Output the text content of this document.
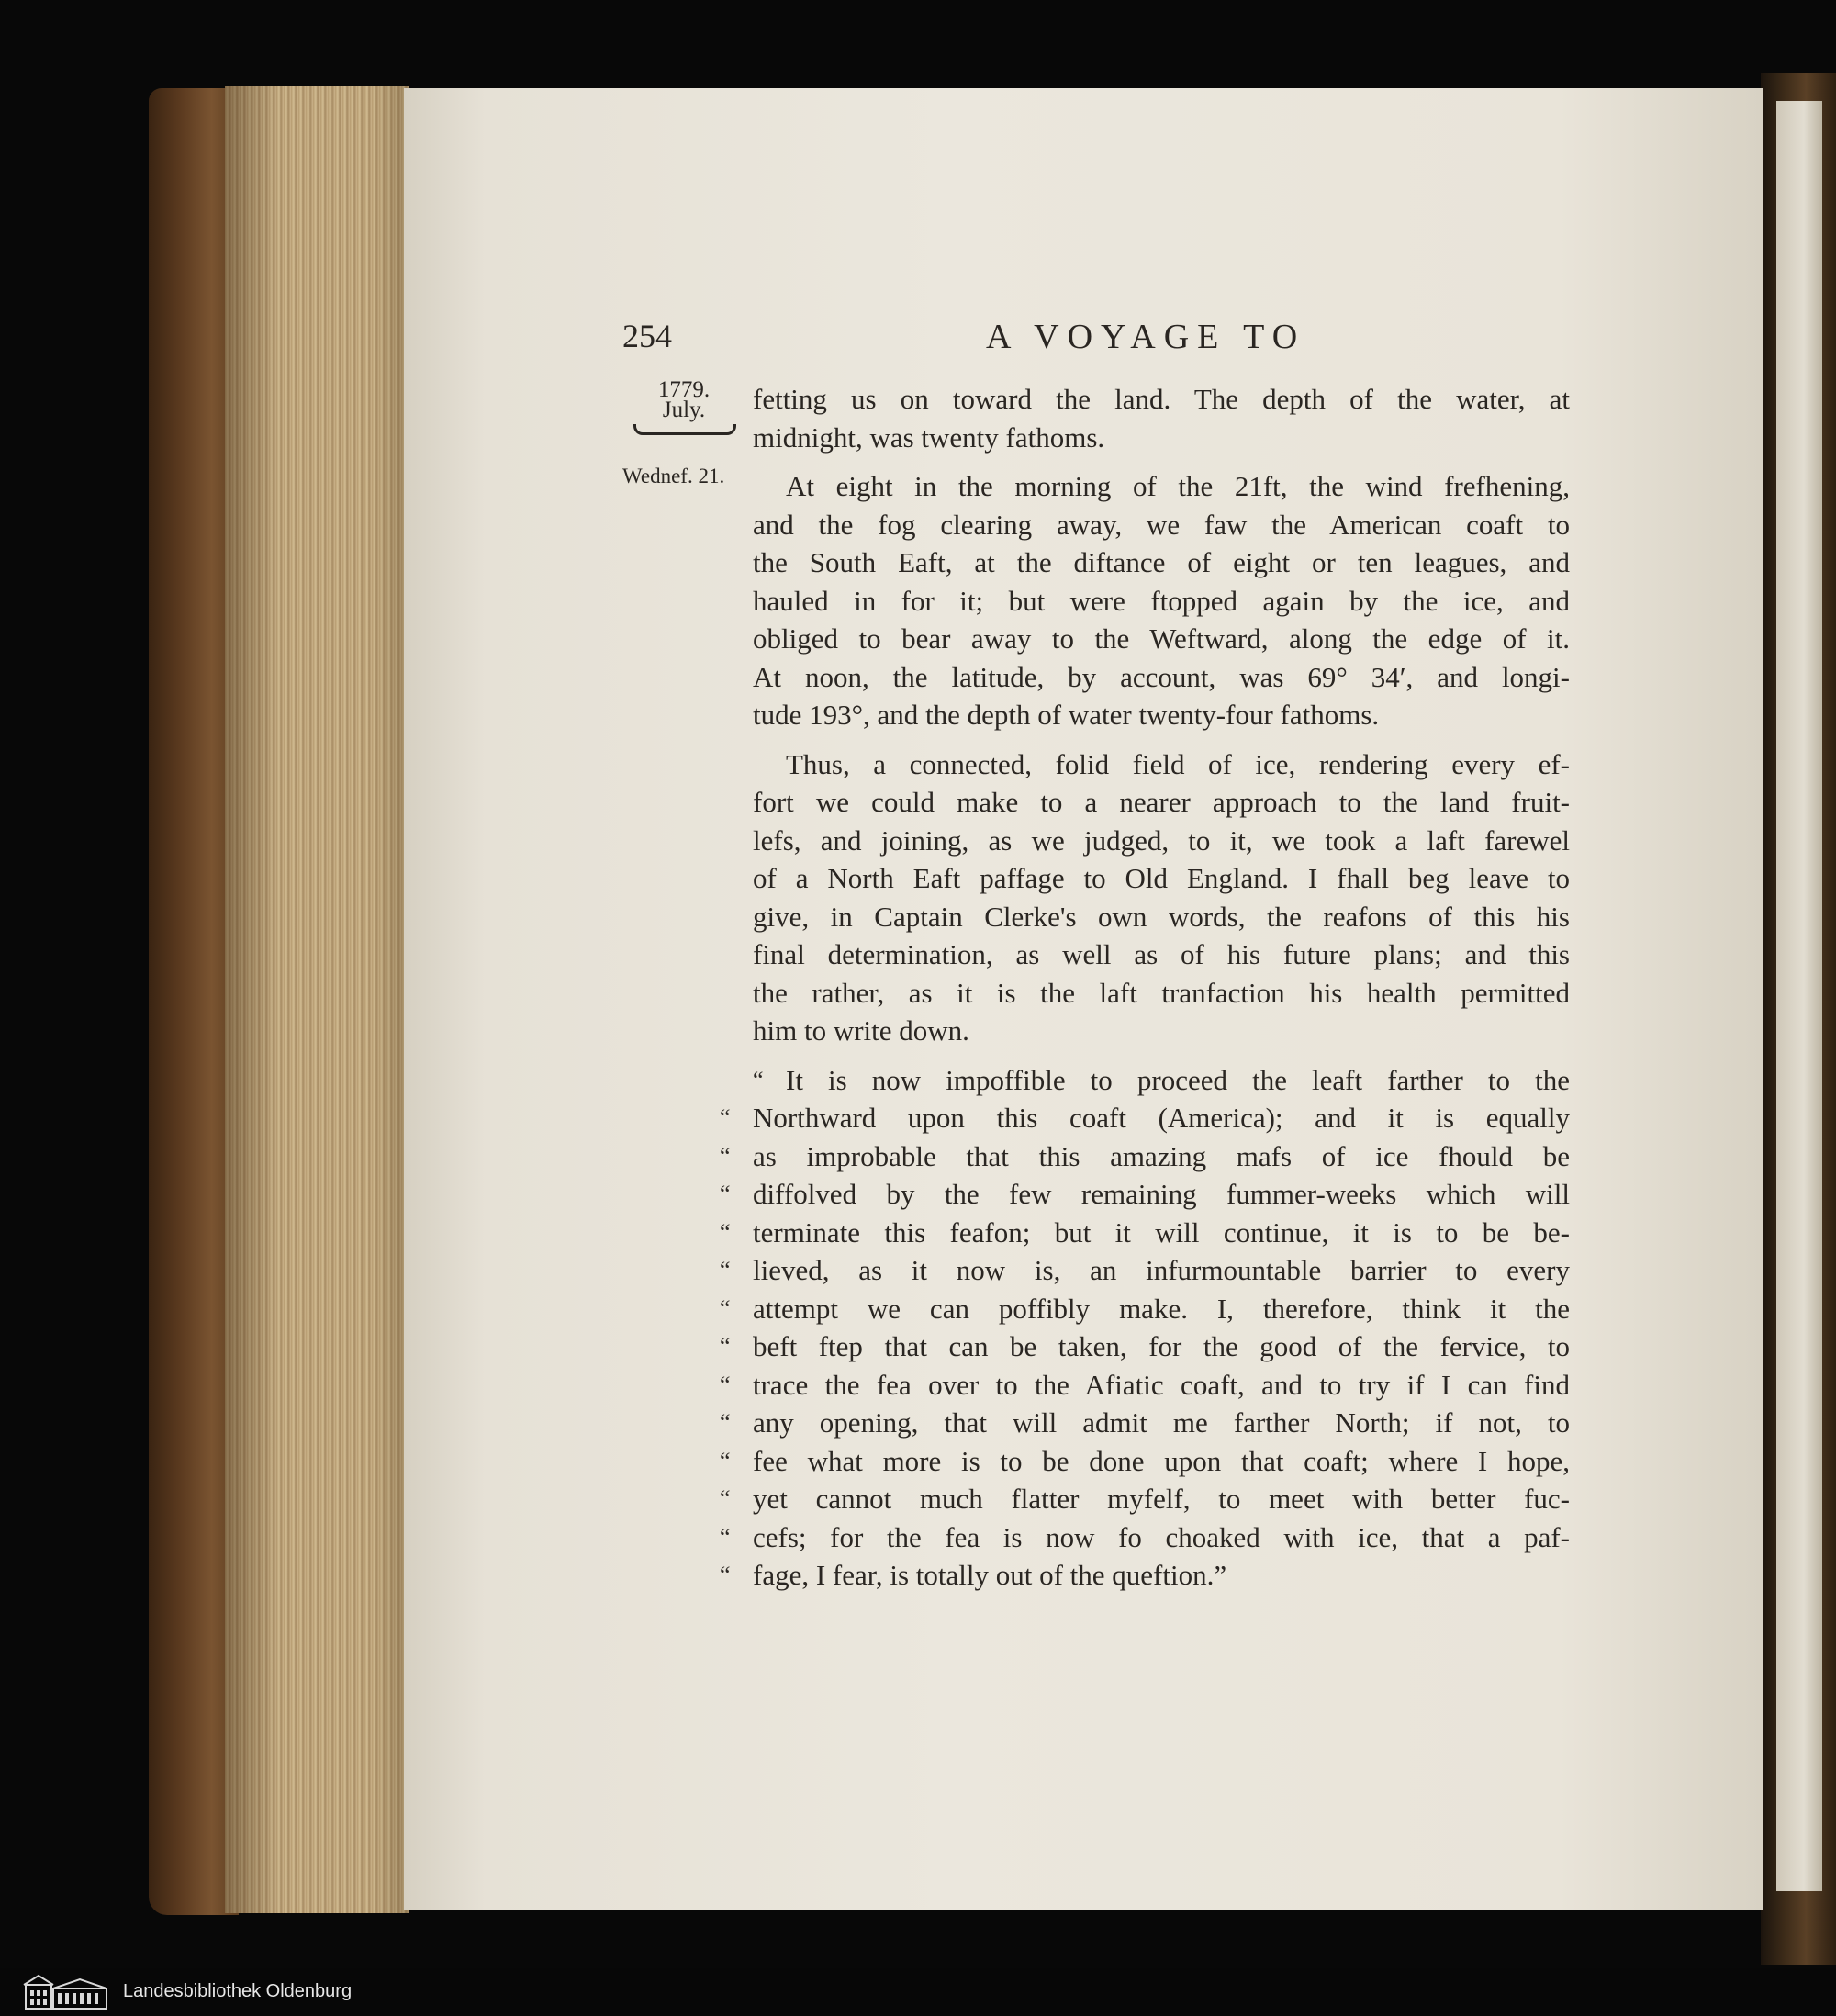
254	A VOYAGE TO
1779.
July.
Wednef. 21.
fetting us on toward the land. The depth of the water, at
midnight, was twenty fathoms.
At eight in the morning of the 21ft, the wind frefhening,
and the fog clearing away, we faw the American coaft to
the South Eaft, at the diftance of eight or ten leagues, and
hauled in for it; but were ftopped again by the ice, and
obliged to bear away to the Weftward, along the edge of it.
At noon, the latitude, by account, was 69° 34′, and longi-
tude 193°, and the depth of water twenty-four fathoms.
Thus, a connected, folid field of ice, rendering every ef-
fort we could make to a nearer approach to the land fruit-
lefs, and joining, as we judged, to it, we took a laft farewel
of a North Eaft paffage to Old England. I fhall beg leave to
give, in Captain Clerke's own words, the reafons of this his
final determination, as well as of his future plans; and this
the rather, as it is the laft tranfaction his health permitted
him to write down.
“ It is now impoffible to proceed the leaft farther to the
“ Northward upon this coaft (America); and it is equally
“ as improbable that this amazing mafs of ice fhould be
“ diffolved by the few remaining fummer-weeks which will
“ terminate this feafon; but it will continue, it is to be be-
“ lieved, as it now is, an infurmountable barrier to every
“ attempt we can poffibly make. I, therefore, think it the
“ beft ftep that can be taken, for the good of the fervice, to
“ trace the fea over to the Afiatic coaft, and to try if I can find
“ any opening, that will admit me farther North; if not, to
“ fee what more is to be done upon that coaft; where I hope,
“ yet cannot much flatter myfelf, to meet with better fuc-
“ cefs; for the fea is now fo choaked with ice, that a paf-
“ fage, I fear, is totally out of the queftion.”
Landesbibliothek Oldenburg
